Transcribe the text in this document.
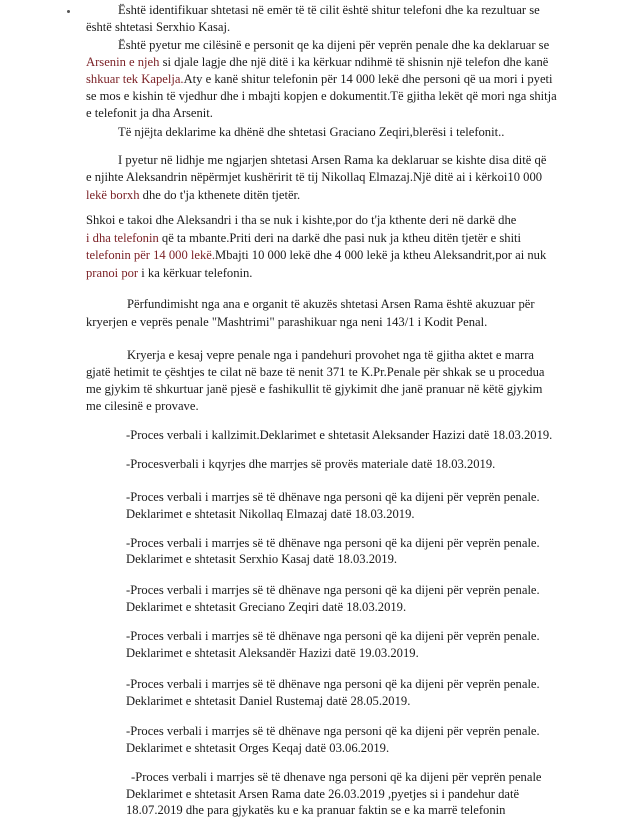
Është identifikuar shtetasi në emër të të cilit është shitur telefoni dhe ka rezultuar se
është shtetasi Serxhio Kasaj.
Është pyetur me cilësinë e personit qe ka dijeni për veprën penale dhe ka deklaruar se
Arsenin e njeh si djale lagje dhe një ditë i ka kërkuar ndihmë të shisnin një telefon dhe kanë
shkuar tek Kapelja.Aty e kanë shitur telefonin për 14 000 lekë dhe personi që ua mori i pyeti
se mos e kishin të vjedhur dhe i mbajti kopjen e dokumentit.Të gjitha lekët që mori nga shitja
e telefonit ja dha Arsenit.
Të njëjta deklarime ka dhënë dhe shtetasi Graciano Zeqiri,blerësi i telefonit..
I pyetur në lidhje me ngjarjen shtetasi Arsen Rama ka deklaruar se kishte disa ditë që
e njihte Aleksandrin nëpërmjet kushëririt të tij Nikollaq Elmazaj.Një ditë ai i kërkoi10 000
lekë borxh dhe do t'ja kthenete ditën tjetër.
Shkoi e takoi dhe Aleksandri i tha se nuk i kishte,por do t'ja kthente deri në darkë dhe
i dha telefonin që ta mbante.Priti deri na darkë dhe pasi nuk ja ktheu ditën tjetër e shiti
telefonin për 14 000 lekë.Mbajti 10 000 lekë dhe 4 000 lekë ja ktheu Aleksandrit,por ai nuk
pranoi por i ka kërkuar telefonin.
Përfundimisht nga ana e organit të akuzës shtetasi Arsen Rama është akuzuar për
kryerjen e veprës penale "Mashtrimi" parashikuar nga neni 143/1 i Kodit Penal.
Kryerja e kesaj vepre penale nga i pandehuri provohet nga të gjitha aktet e marra
gjatë hetimit te çështjes te cilat në baze të nenit 371 te K.Pr.Penale për shkak se u procedua
me gjykim të shkurtuar janë pjesë e fashikullit të gjykimit dhe janë pranuar në këtë gjykim
me cilesinë e provave.
-Proces verbali i kallzimit.Deklarimet e shtetasit Aleksander Hazizi datë 18.03.2019.
-Procesverbali i kqyrjes dhe marrjes së provës materiale datë 18.03.2019.
-Proces verbali i marrjes së të dhënave nga personi që ka dijeni për veprën penale.
Deklarimet e shtetasit Nikollaq Elmazaj datë 18.03.2019.
-Proces verbali i marrjes së të dhënave nga personi që ka dijeni për veprën penale.
Deklarimet e shtetasit Serxhio Kasaj datë 18.03.2019.
-Proces verbali i marrjes së të dhënave nga personi që ka dijeni për veprën penale.
Deklarimet e shtetasit Greciano Zeqiri datë 18.03.2019.
-Proces verbali i marrjes së të dhënave nga personi që ka dijeni për veprën penale.
Deklarimet e shtetasit Aleksandër Hazizi datë 19.03.2019.
-Proces verbali i marrjes së të dhënave nga personi që ka dijeni për veprën penale.
Deklarimet e shtetasit Daniel Rustemaj datë 28.05.2019.
-Proces verbali i marrjes së të dhënave nga personi që ka dijeni për veprën penale.
Deklarimet e shtetasit Orges Keqaj datë 03.06.2019.
-Proces verbali i marrjes së të dhenave nga personi që ka dijeni për veprën penale
Deklarimet e shtetasit Arsen Rama date 26.03.2019 ,pyetjes si i pandehur datë
18.07.2019 dhe para gjykatës ku e ka pranuar faktin se e ka marrë telefonin
